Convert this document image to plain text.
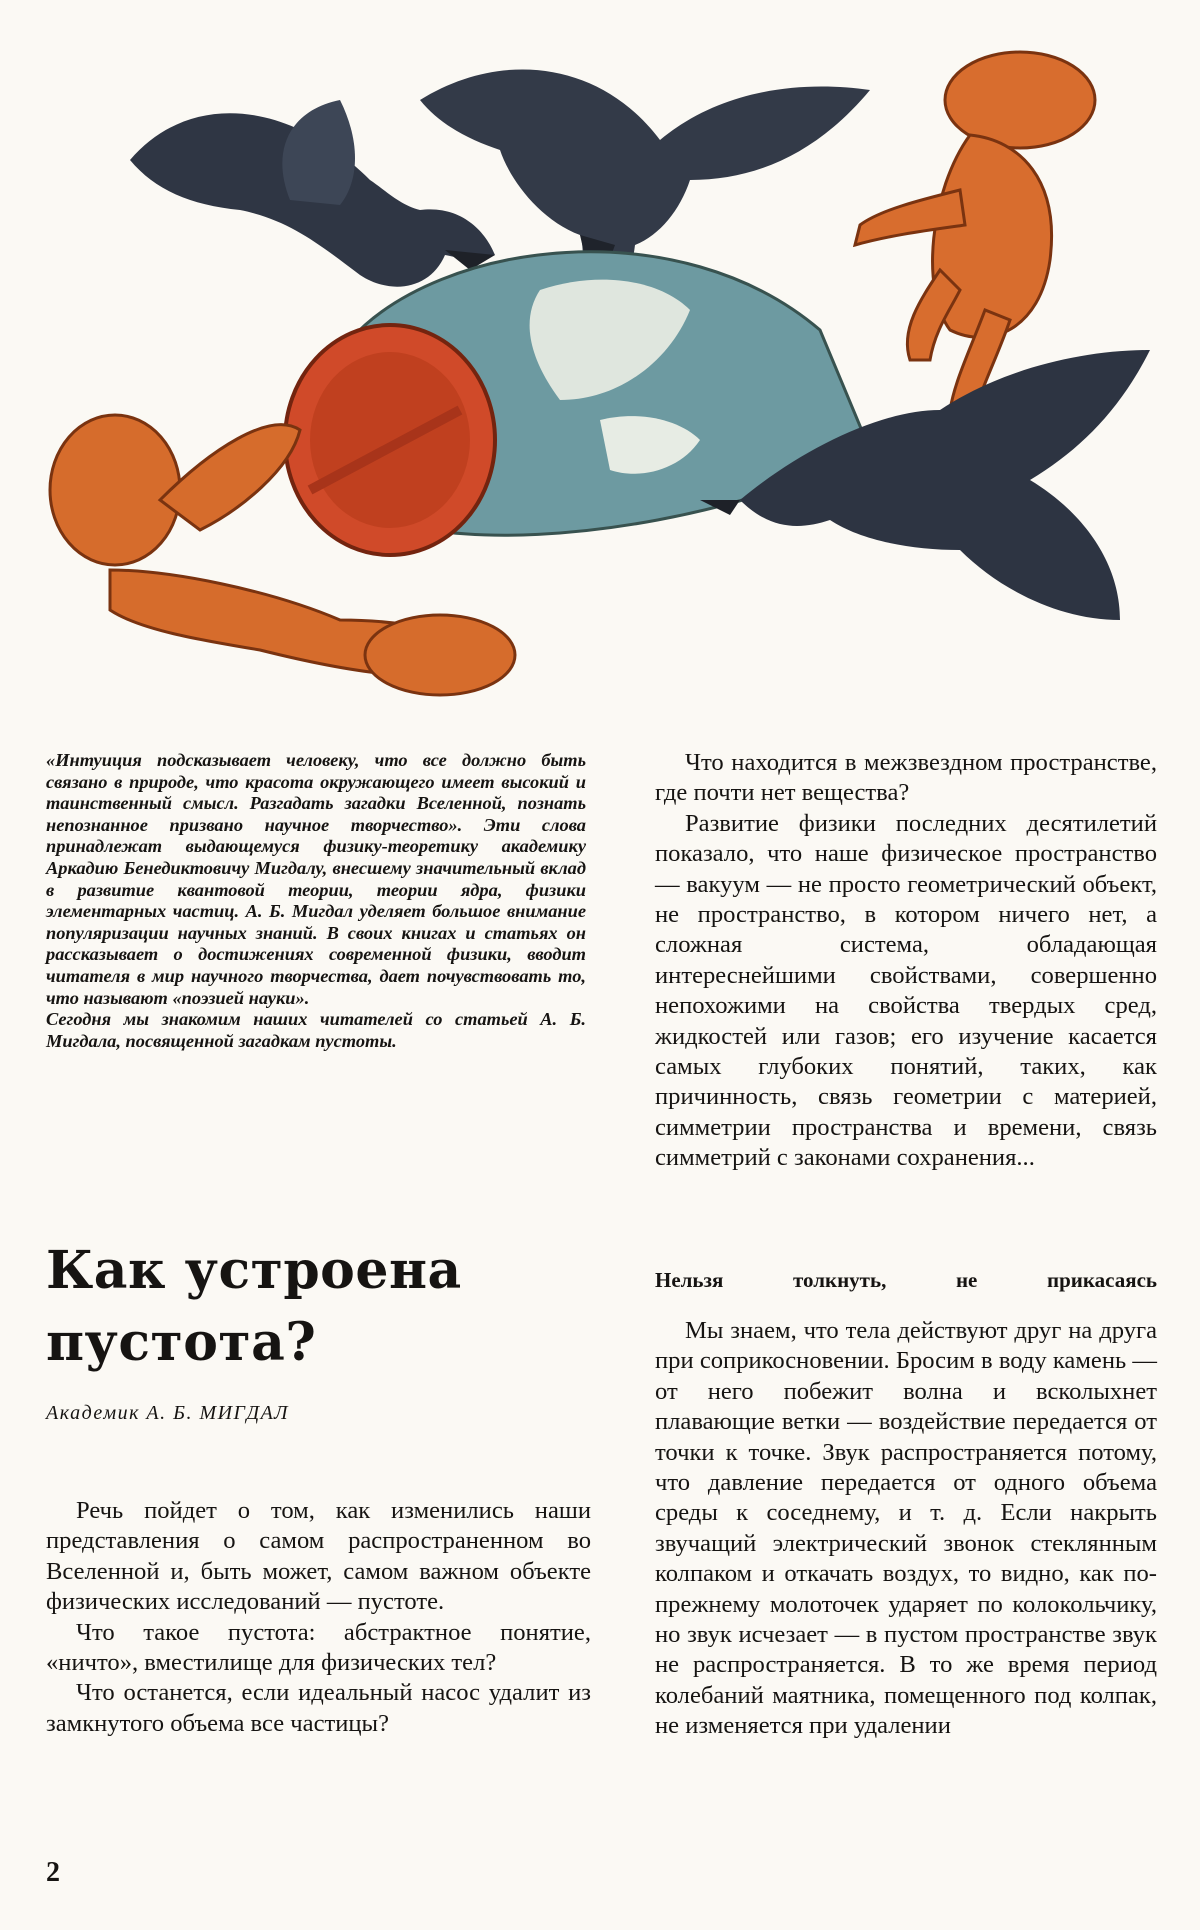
«Интуиция подсказывает человеку, что все должно быть связано в природе, что красота окружающего имеет высокий и таинственный смысл. Разгадать загадки Вселенной, познать непознанное призвано научное творчество». Эти слова принадлежат выдающемуся физику-теоретику академику Аркадию Бенедиктовичу Мигдалу, внесшему значительный вклад в развитие квантовой теории, теории ядра, физики элементарных частиц. А. Б. Мигдал уделяет большое внимание популяризации научных знаний. В своих книгах и статьях он рассказывает о достижениях современной физики, вводит читателя в мир научного творчества, дает почувствовать то, что называют «поэзией науки».

Сегодня мы знакомим наших читателей со статьей А. Б. Мигдала, посвященной загадкам пустоты.

Как устроена
пустота?

Академик А. Б. МИГДАЛ

Речь пойдет о том, как изменились наши представления о самом распространенном во Вселенной и, быть может, самом важном объекте физических исследований — пустоте.

Что такое пустота: абстрактное понятие, «ничто», вместилище для физических тел?

Что останется, если идеальный насос удалит из замкнутого объема все частицы?

Что находится в межзвездном пространстве, где почти нет вещества?

Развитие физики последних десятилетий показало, что наше физическое пространство — вакуум — не просто геометрический объект, не пространство, в котором ничего нет, а сложная система, обладающая интереснейшими свойствами, совершенно непохожими на свойства твердых сред, жидкостей или газов; его изучение касается самых глубоких понятий, таких, как причинность, связь геометрии с материей, симметрии пространства и времени, связь симметрий с законами сохранения...

Нельзя толкнуть, не прикасаясь

Мы знаем, что тела действуют друг на друга при соприкосновении. Бросим в воду камень — от него побежит волна и всколыхнет плавающие ветки — воздействие передается от точки к точке. Звук распространяется потому, что давление передается от одного объема среды к соседнему, и т. д. Если накрыть звучащий электрический звонок стеклянным колпаком и откачать воздух, то видно, как по-прежнему молоточек ударяет по колокольчику, но звук исчезает — в пустом пространстве звук не распространяется. В то же время период колебаний маятника, помещенного под колпак, не изменяется при удалении

2
